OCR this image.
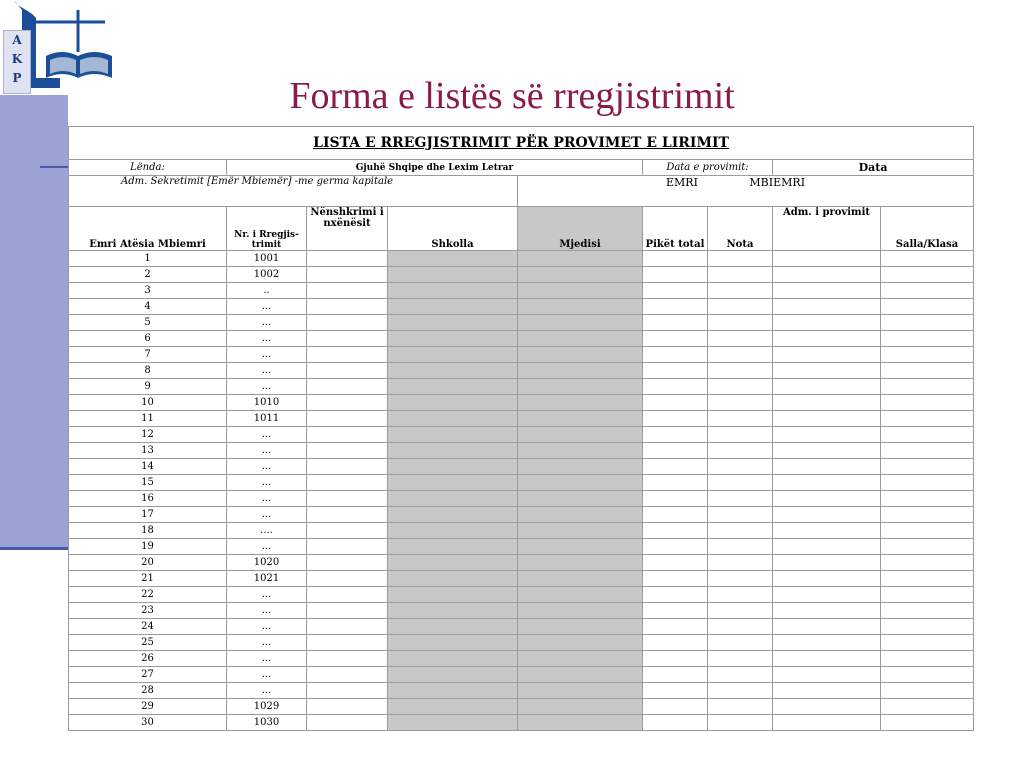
A
K
P	Forma e listës së rregjistrimit
LISTA E RREGJISTRIMIT PËR PROVIMET E LIRIMIT								
Lënda:	Gjuhë Shqipe dhe Lexim Letrar				Data e provimit:		Data	
Adm. Sekretimit [Emër Mbiemër] -me germa kapitale				EMRI MBIEMRI				
Emri Atësia Mbiemri	Nr. i Rregjis-trimit	Nënshkrimi i nxënësit	Shkolla	Mjedisi	Pikët total	Nota	Adm. i provimit	Salla/Klasa
1	1001							
2	1002							
3	..							
4	...							
5	...							
6	...							
7	...							
8	...							
9	...							
10	1010							
11	1011							
12	...							
13	...							
14	...							
15	...							
16	...							
17	...							
18	....							
19	...							
20	1020							
21	1021							
22	...							
23	...							
24	...							
25	...							
26	...							
27	...							
28	...							
29	1029							
30	1030							
